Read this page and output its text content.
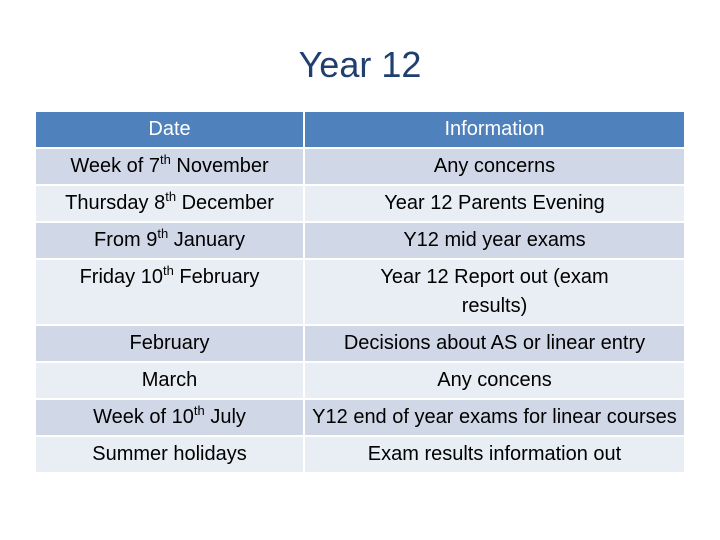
Year 12
Date	Information
Week of 7th November	Any concerns
Thursday 8th December	Year 12 Parents Evening
From 9th January	Y12 mid year exams
Friday 10th February	Year 12 Report out (exam results)
February	Decisions about AS or linear entry
March	Any concens
Week of 10th July	Y12 end of year exams for linear courses
Summer holidays	Exam results information out
